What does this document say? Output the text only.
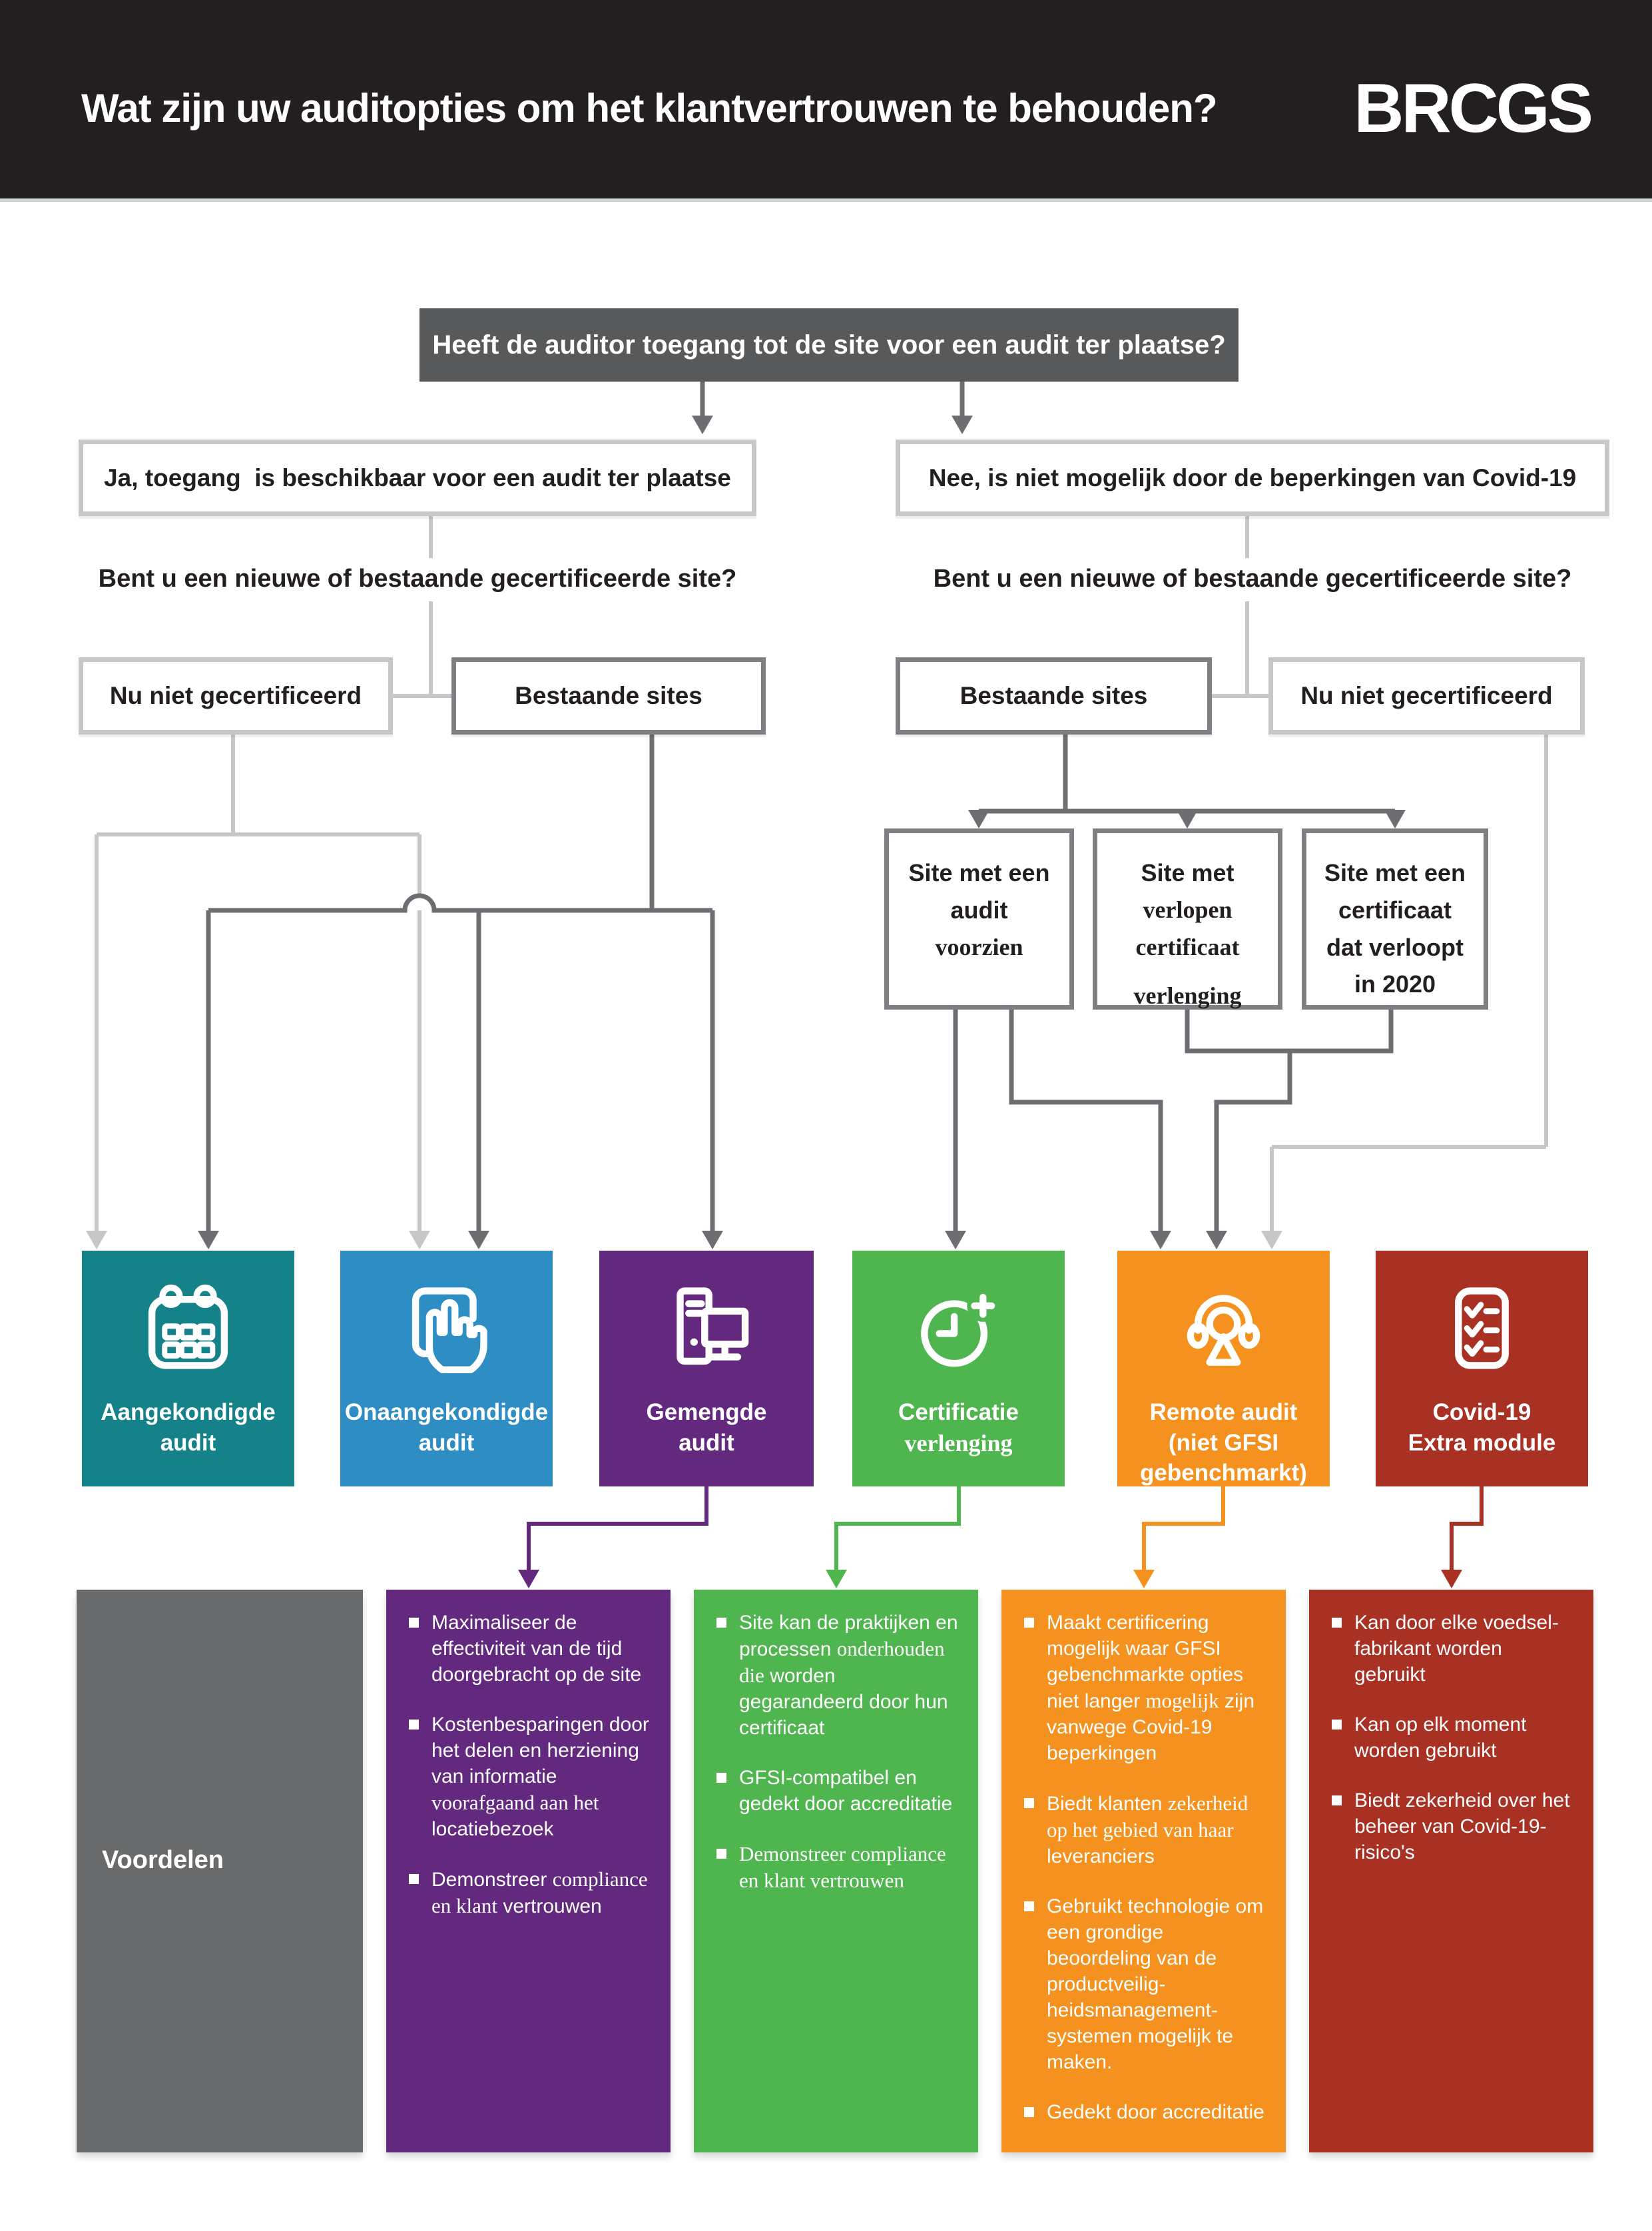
Wat zijn uw auditopties om het klantvertrouwen te behouden? BRCGS
Heeft de auditor toegang tot de site voor een audit ter plaatse?
Ja, toegang  is beschikbaar voor een audit ter plaatse	Nee, is niet mogelijk door de beperkingen van Covid-19
Bent u een nieuwe of bestaande gecertificeerde site?	Bent u een nieuwe of bestaande gecertificeerde site?
Nu niet gecertificeerd	Bestaande sites	Bestaande sites	Nu niet gecertificeerd
Site met een
audit
voorzien
Site met
verlopen
certificaat
verlenging
Site met een
certificaat
dat verloopt
in 2020
Aangekondigde
audit
Onaangekondigde
audit
Gemengde
audit
Certificatie
verlenging
Remote audit
(niet GFSI
gebenchmarkt)
Covid-19
Extra module
Voordelen
Maximaliseer de effectiviteit van de tijd doorgebracht op de site
Kostenbesparingen door het delen en herziening van informatie voorafgaand aan het locatiebezoek
Demonstreer compliance en klant vertrouwen
Site kan de praktijken en processen onderhouden die worden gegarandeerd door hun certificaat
GFSI-compatibel en gedekt door accreditatie
Demonstreer compliance en klant vertrouwen
Maakt certificering mogelijk waar GFSI gebenchmarkte opties niet langer mogelijk zijn vanwege Covid-19 beperkingen
Biedt klanten zekerheid op het gebied van haar leveranciers
Gebruikt technologie om een grondige beoordeling van de productveilig- heidsmanagement- systemen mogelijk te maken.
Gedekt door accreditatie
Kan door elke voedsel- fabrikant worden gebruikt
Kan op elk moment worden gebruikt
Biedt zekerheid over het beheer van Covid-19-risico's
